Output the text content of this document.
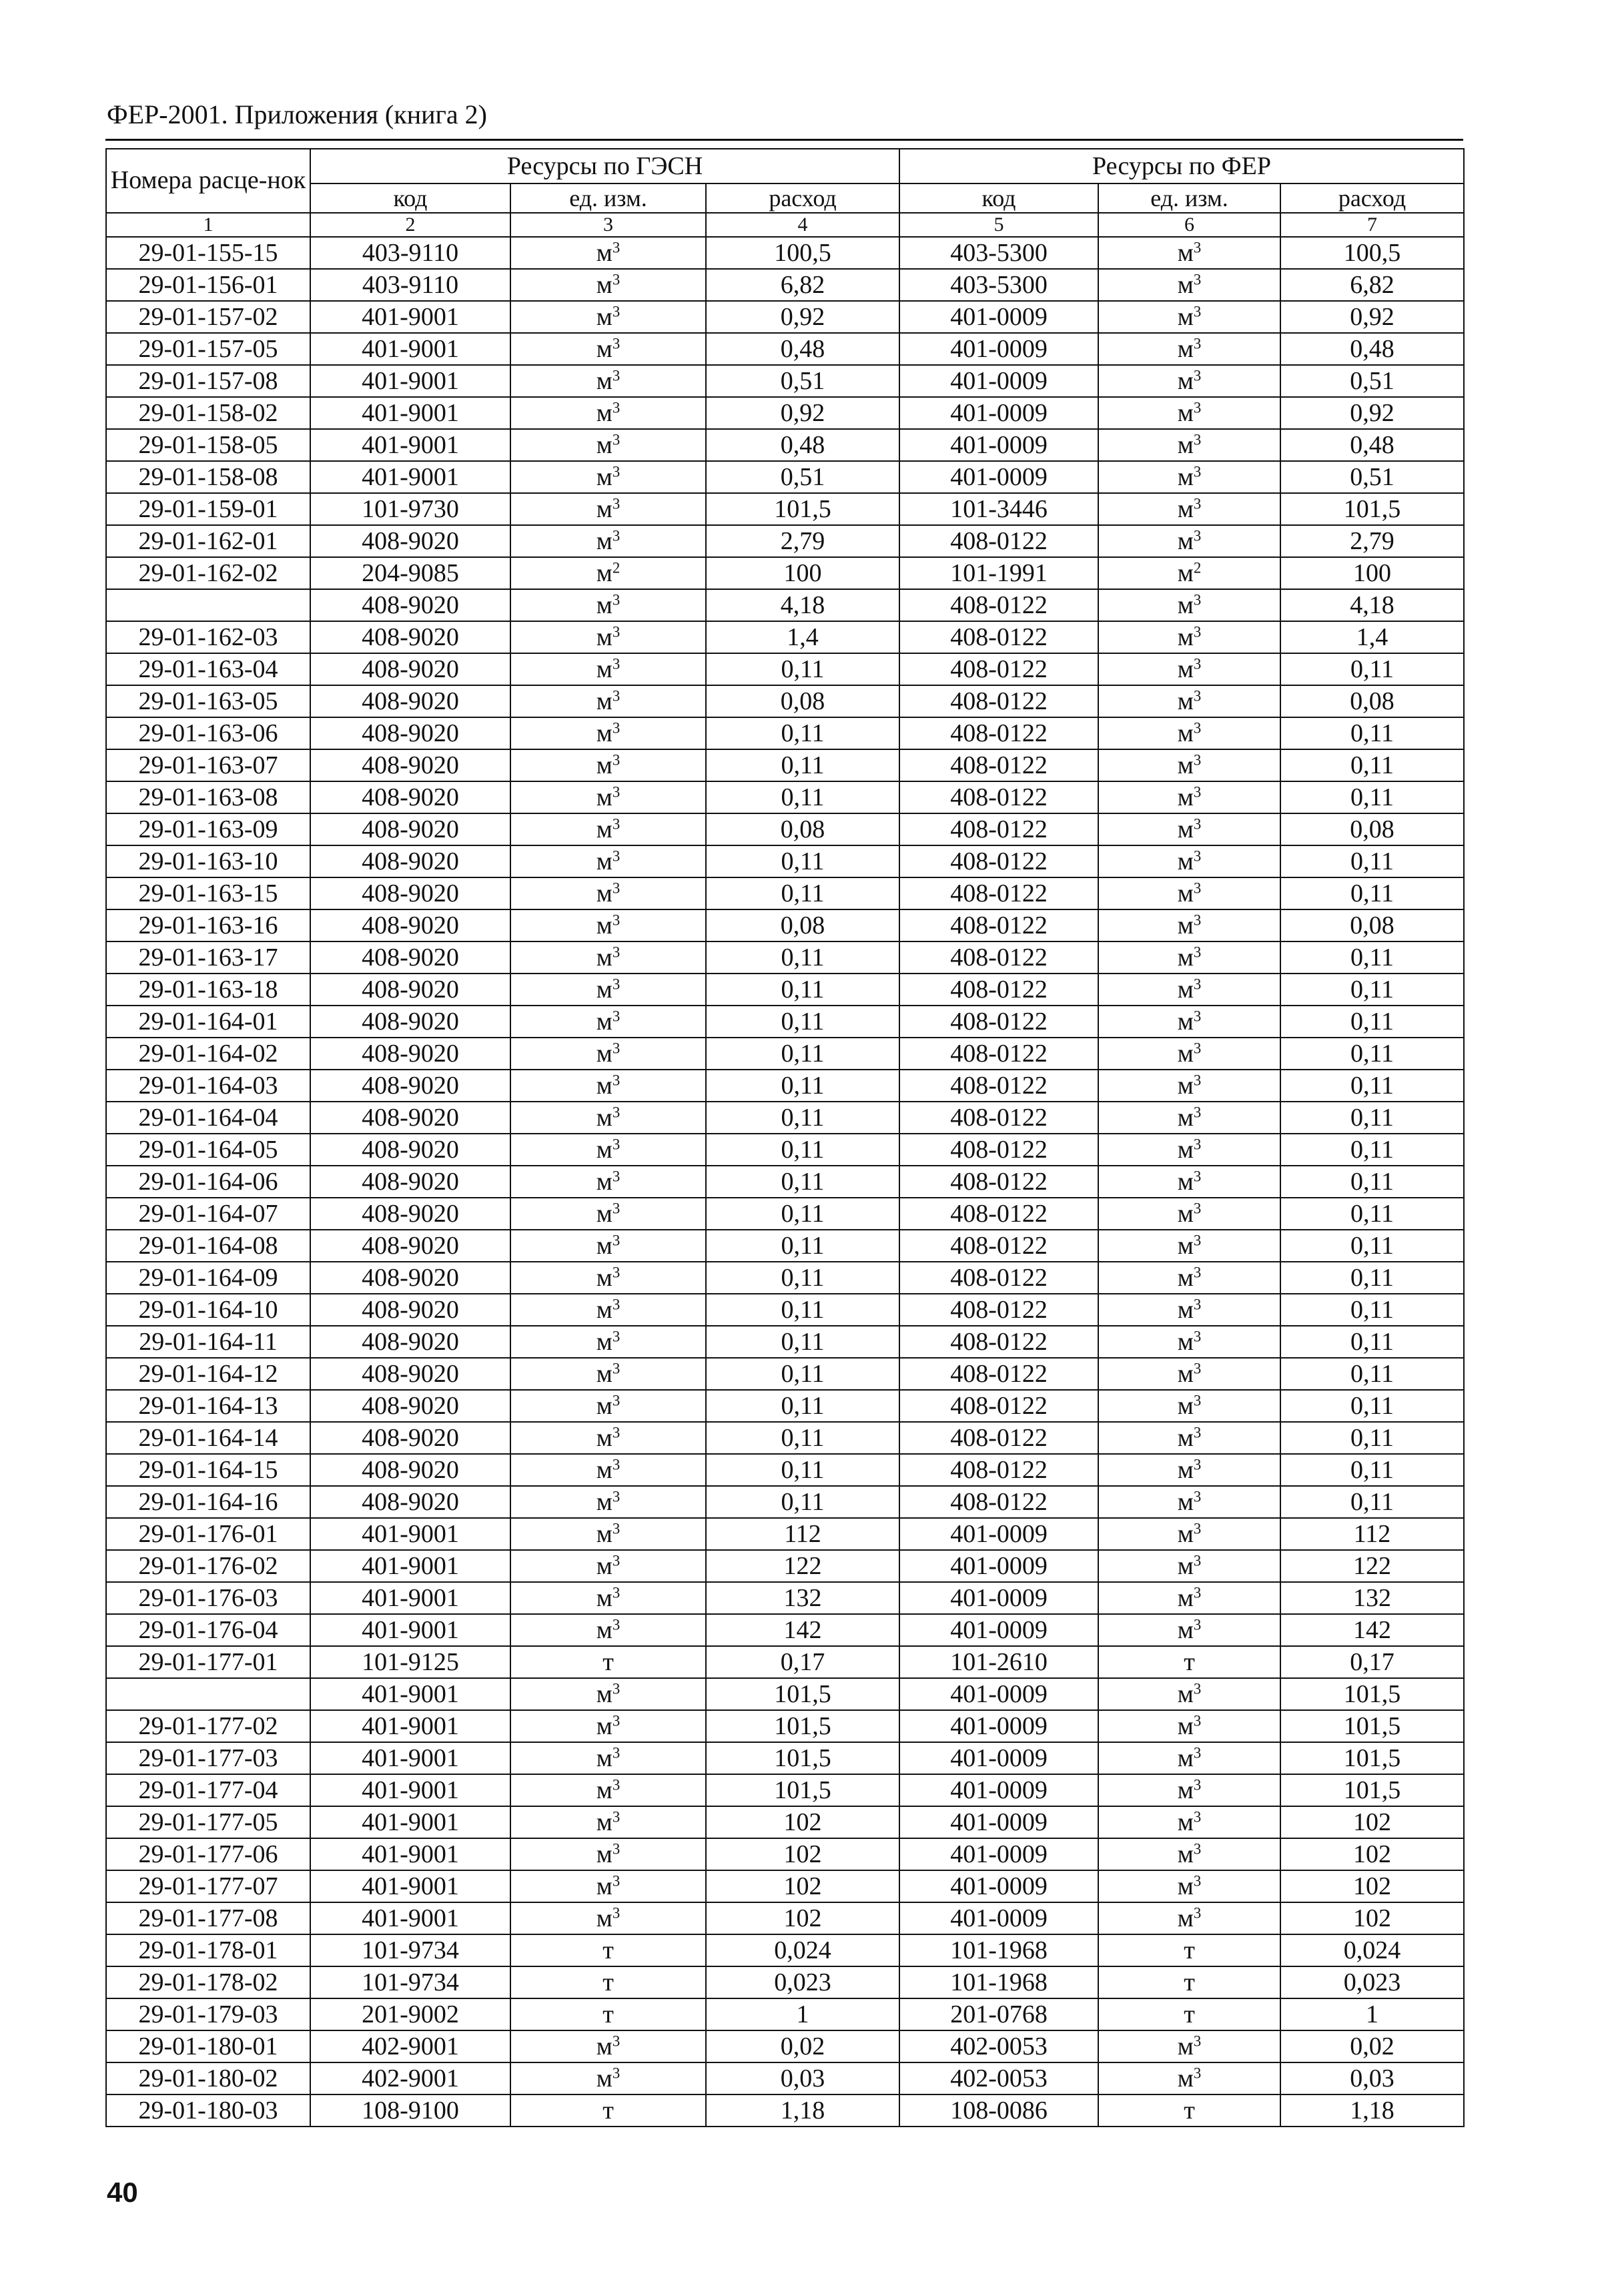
ФЕР-2001. Приложения (книга 2)
Номера расце-нок	Ресурсы по ГЭСН			Ресурсы по ФЕР		
	код	ед. изм.	расход	код	ед. изм.	расход
1	2	3	4	5	6	7
29-01-155-15	403-9110	$м^3$	100,5	403-5300	$м^3$	100,5
29-01-156-01	403-9110	$м^3$	6,82	403-5300	$м^3$	6,82
29-01-157-02	401-9001	$м^3$	0,92	401-0009	$м^3$	0,92
29-01-157-05	401-9001	$м^3$	0,48	401-0009	$м^3$	0,48
29-01-157-08	401-9001	$м^3$	0,51	401-0009	$м^3$	0,51
29-01-158-02	401-9001	$м^3$	0,92	401-0009	$м^3$	0,92
29-01-158-05	401-9001	$м^3$	0,48	401-0009	$м^3$	0,48
29-01-158-08	401-9001	$м^3$	0,51	401-0009	$м^3$	0,51
29-01-159-01	101-9730	$м^3$	101,5	101-3446	$м^3$	101,5
29-01-162-01	408-9020	$м^3$	2,79	408-0122	$м^3$	2,79
29-01-162-02	204-9085	$м^2$	100	101-1991	$м^2$	100
	408-9020	$м^3$	4,18	408-0122	$м^3$	4,18
29-01-162-03	408-9020	$м^3$	1,4	408-0122	$м^3$	1,4
29-01-163-04	408-9020	$м^3$	0,11	408-0122	$м^3$	0,11
29-01-163-05	408-9020	$м^3$	0,08	408-0122	$м^3$	0,08
29-01-163-06	408-9020	$м^3$	0,11	408-0122	$м^3$	0,11
29-01-163-07	408-9020	$м^3$	0,11	408-0122	$м^3$	0,11
29-01-163-08	408-9020	$м^3$	0,11	408-0122	$м^3$	0,11
29-01-163-09	408-9020	$м^3$	0,08	408-0122	$м^3$	0,08
29-01-163-10	408-9020	$м^3$	0,11	408-0122	$м^3$	0,11
29-01-163-15	408-9020	$м^3$	0,11	408-0122	$м^3$	0,11
29-01-163-16	408-9020	$м^3$	0,08	408-0122	$м^3$	0,08
29-01-163-17	408-9020	$м^3$	0,11	408-0122	$м^3$	0,11
29-01-163-18	408-9020	$м^3$	0,11	408-0122	$м^3$	0,11
29-01-164-01	408-9020	$м^3$	0,11	408-0122	$м^3$	0,11
29-01-164-02	408-9020	$м^3$	0,11	408-0122	$м^3$	0,11
29-01-164-03	408-9020	$м^3$	0,11	408-0122	$м^3$	0,11
29-01-164-04	408-9020	$м^3$	0,11	408-0122	$м^3$	0,11
29-01-164-05	408-9020	$м^3$	0,11	408-0122	$м^3$	0,11
29-01-164-06	408-9020	$м^3$	0,11	408-0122	$м^3$	0,11
29-01-164-07	408-9020	$м^3$	0,11	408-0122	$м^3$	0,11
29-01-164-08	408-9020	$м^3$	0,11	408-0122	$м^3$	0,11
29-01-164-09	408-9020	$м^3$	0,11	408-0122	$м^3$	0,11
29-01-164-10	408-9020	$м^3$	0,11	408-0122	$м^3$	0,11
29-01-164-11	408-9020	$м^3$	0,11	408-0122	$м^3$	0,11
29-01-164-12	408-9020	$м^3$	0,11	408-0122	$м^3$	0,11
29-01-164-13	408-9020	$м^3$	0,11	408-0122	$м^3$	0,11
29-01-164-14	408-9020	$м^3$	0,11	408-0122	$м^3$	0,11
29-01-164-15	408-9020	$м^3$	0,11	408-0122	$м^3$	0,11
29-01-164-16	408-9020	$м^3$	0,11	408-0122	$м^3$	0,11
29-01-176-01	401-9001	$м^3$	112	401-0009	$м^3$	112
29-01-176-02	401-9001	$м^3$	122	401-0009	$м^3$	122
29-01-176-03	401-9001	$м^3$	132	401-0009	$м^3$	132
29-01-176-04	401-9001	$м^3$	142	401-0009	$м^3$	142
29-01-177-01	101-9125	т	0,17	101-2610	т	0,17
	401-9001	$м^3$	101,5	401-0009	$м^3$	101,5
29-01-177-02	401-9001	$м^3$	101,5	401-0009	$м^3$	101,5
29-01-177-03	401-9001	$м^3$	101,5	401-0009	$м^3$	101,5
29-01-177-04	401-9001	$м^3$	101,5	401-0009	$м^3$	101,5
29-01-177-05	401-9001	$м^3$	102	401-0009	$м^3$	102
29-01-177-06	401-9001	$м^3$	102	401-0009	$м^3$	102
29-01-177-07	401-9001	$м^3$	102	401-0009	$м^3$	102
29-01-177-08	401-9001	$м^3$	102	401-0009	$м^3$	102
29-01-178-01	101-9734	т	0,024	101-1968	т	0,024
29-01-178-02	101-9734	т	0,023	101-1968	т	0,023
29-01-179-03	201-9002	т	1	201-0768	т	1
29-01-180-01	402-9001	$м^3$	0,02	402-0053	$м^3$	0,02
29-01-180-02	402-9001	$м^3$	0,03	402-0053	$м^3$	0,03
29-01-180-03	108-9100	т	1,18	108-0086	т	1,18
40
